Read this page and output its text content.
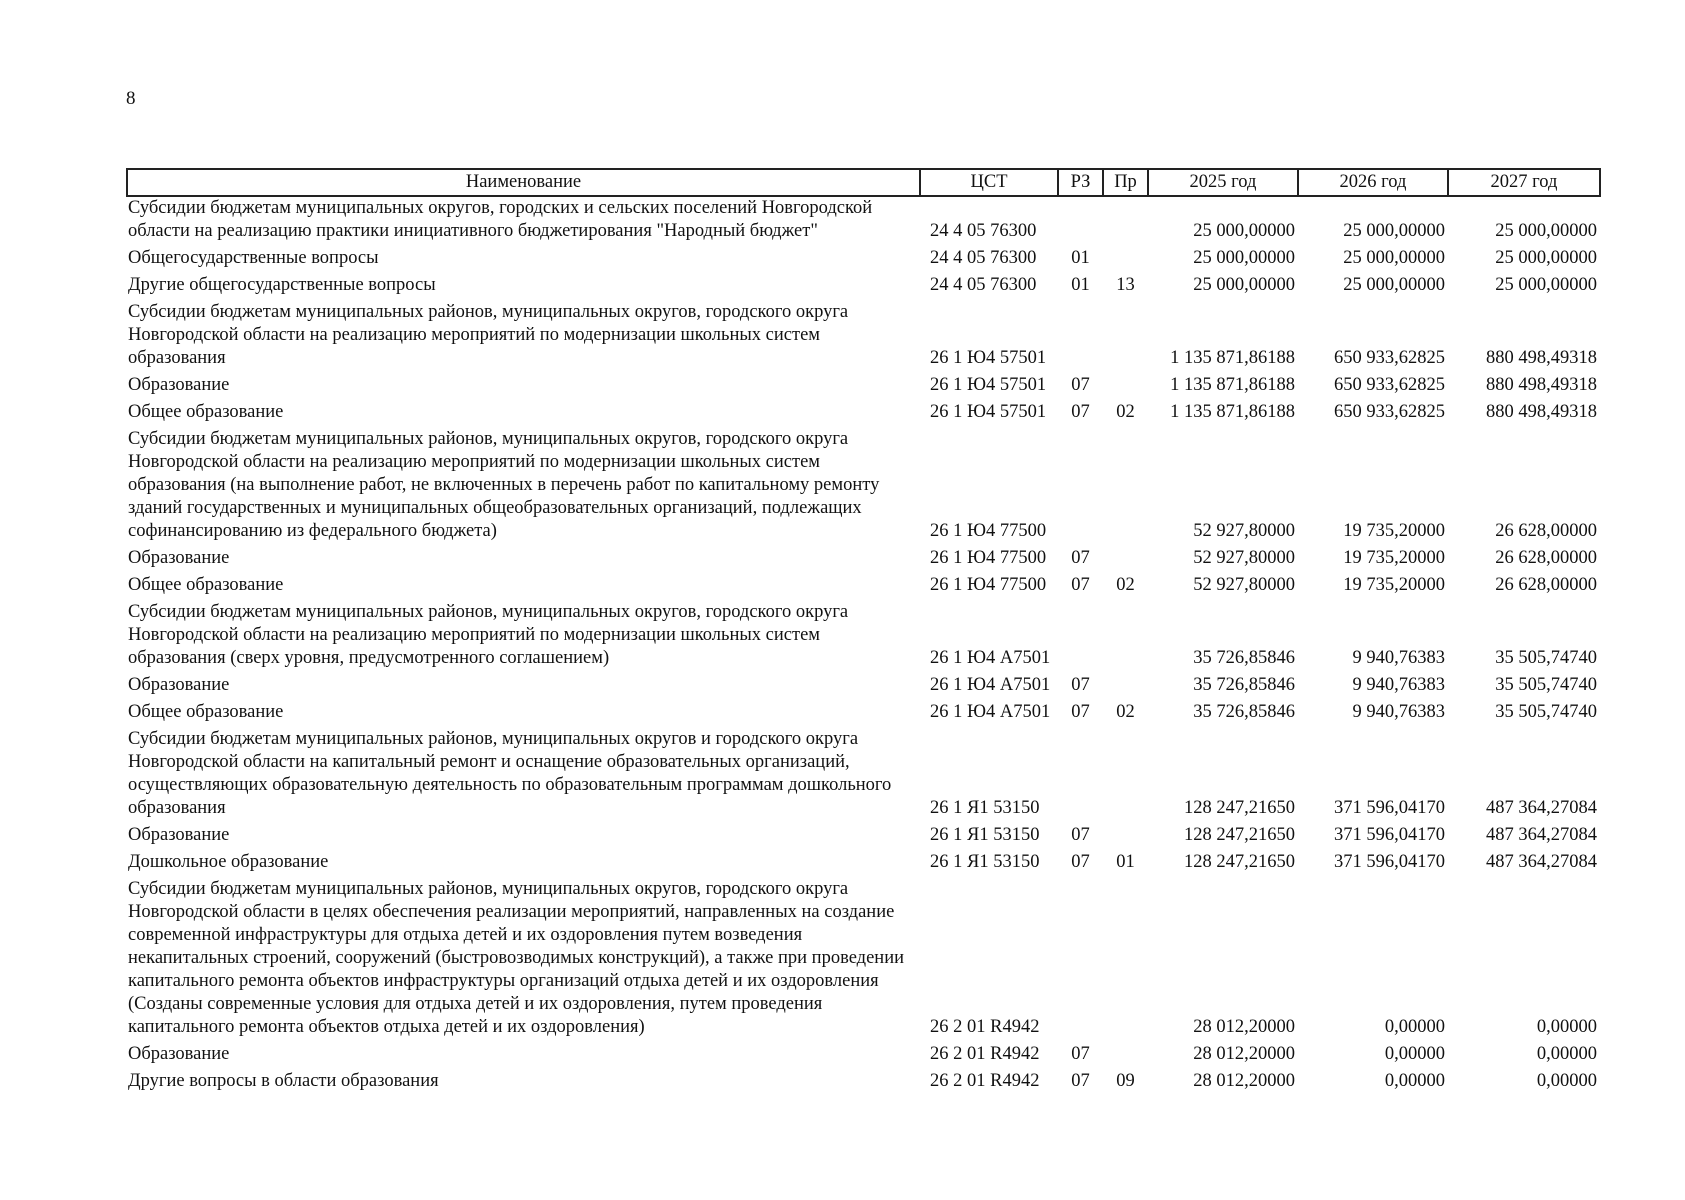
8
Наименование	ЦСТ	РЗ	Пр	2025 год	2026 год	2027 год
Субсидии бюджетам муниципальных округов, городских и сельских поселений Новгородской области на реализацию практики инициативного бюджетирования "Народный бюджет"	24 4 05 76300			25 000,00000	25 000,00000	25 000,00000
Общегосударственные вопросы	24 4 05 76300	01		25 000,00000	25 000,00000	25 000,00000
Другие общегосударственные вопросы	24 4 05 76300	01	13	25 000,00000	25 000,00000	25 000,00000
Субсидии бюджетам муниципальных районов, муниципальных округов, городского округа Новгородской области на реализацию мероприятий по модернизации школьных систем образования	26 1 Ю4 57501			1 135 871,86188	650 933,62825	880 498,49318
Образование	26 1 Ю4 57501	07		1 135 871,86188	650 933,62825	880 498,49318
Общее образование	26 1 Ю4 57501	07	02	1 135 871,86188	650 933,62825	880 498,49318
Субсидии бюджетам муниципальных районов, муниципальных округов, городского округа Новгородской области на реализацию мероприятий по модернизации школьных систем образования (на выполнение работ, не включенных в перечень работ по капитальному ремонту зданий государственных и муниципальных общеобразовательных организаций, подлежащих софинансированию из федерального бюджета)	26 1 Ю4 77500			52 927,80000	19 735,20000	26 628,00000
Образование	26 1 Ю4 77500	07		52 927,80000	19 735,20000	26 628,00000
Общее образование	26 1 Ю4 77500	07	02	52 927,80000	19 735,20000	26 628,00000
Субсидии бюджетам муниципальных районов, муниципальных округов, городского округа Новгородской области на реализацию мероприятий по модернизации школьных систем образования (сверх уровня, предусмотренного соглашением)	26 1 Ю4 А7501			35 726,85846	9 940,76383	35 505,74740
Образование	26 1 Ю4 А7501	07		35 726,85846	9 940,76383	35 505,74740
Общее образование	26 1 Ю4 А7501	07	02	35 726,85846	9 940,76383	35 505,74740
Субсидии бюджетам муниципальных районов, муниципальных округов и городского округа Новгородской области на капитальный ремонт и оснащение образовательных организаций, осуществляющих образовательную деятельность по образовательным программам дошкольного образования	26 1 Я1 53150			128 247,21650	371 596,04170	487 364,27084
Образование	26 1 Я1 53150	07		128 247,21650	371 596,04170	487 364,27084
Дошкольное образование	26 1 Я1 53150	07	01	128 247,21650	371 596,04170	487 364,27084
Субсидии бюджетам муниципальных районов, муниципальных округов, городского округа Новгородской области в целях обеспечения реализации мероприятий, направленных на создание современной инфраструктуры для отдыха детей и их оздоровления путем возведения некапитальных строений, сооружений (быстровозводимых конструкций), а также при проведении капитального ремонта объектов инфраструктуры организаций отдыха детей и их оздоровления (Созданы современные условия для отдыха детей и их оздоровления, путем проведения капитального ремонта объектов отдыха детей и их оздоровления)	26 2 01 R4942			28 012,20000	0,00000	0,00000
Образование	26 2 01 R4942	07		28 012,20000	0,00000	0,00000
Другие вопросы в области образования	26 2 01 R4942	07	09	28 012,20000	0,00000	0,00000
